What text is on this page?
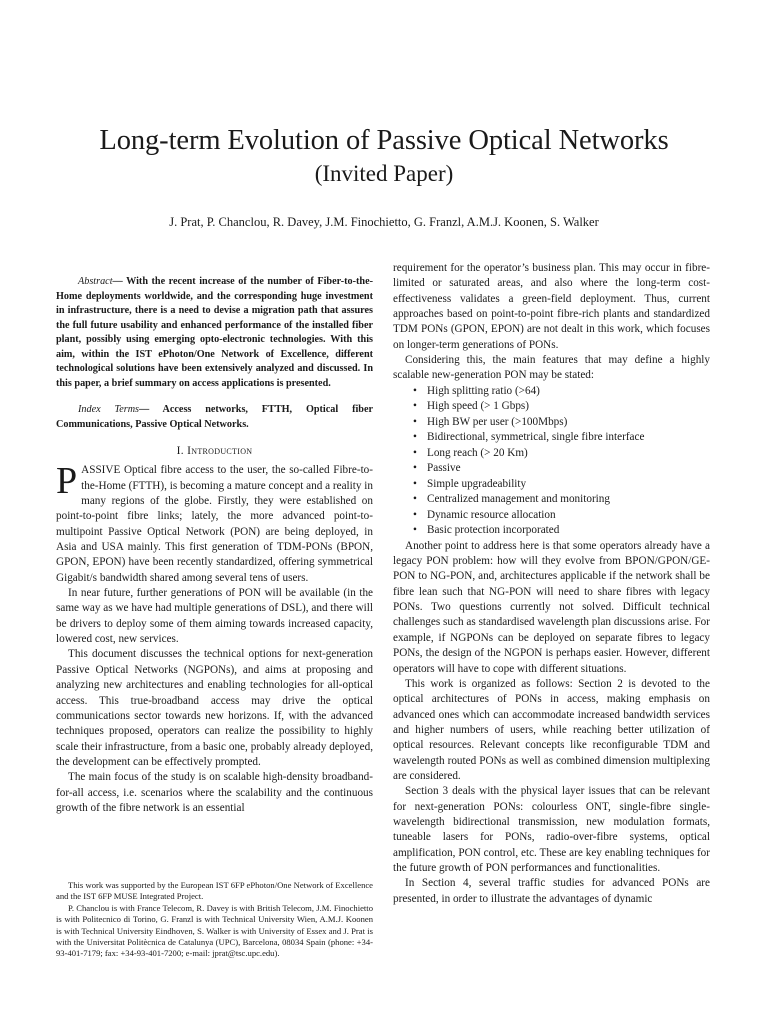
Long-term Evolution of Passive Optical Networks
(Invited Paper)
J. Prat, P. Chanclou, R. Davey, J.M. Finochietto, G. Franzl, A.M.J. Koonen, S. Walker

Abstract— With the recent increase of the number of Fiber-to-the-Home deployments worldwide, and the corresponding huge investment in infrastructure, there is a need to devise a migration path that assures the full future usability and enhanced performance of the installed fiber plant, possibly using emerging opto-electronic technologies. With this aim, within the IST ePhoton/One Network of Excellence, different technological solutions have been extensively analyzed and discussed. In this paper, a brief summary on access applications is presented.

Index Terms— Access networks, FTTH, Optical fiber Communications, Passive Optical Networks.

I. Introduction

PASSIVE Optical fibre access to the user, the so-called Fibre-to-the-Home (FTTH), is becoming a mature concept and a reality in many regions of the globe. Firstly, they were established on point-to-point fibre links; lately, the more advanced point-to-multipoint Passive Optical Network (PON) are being deployed, in Asia and USA mainly. This first generation of TDM-PONs (BPON, GPON, EPON) have been recently standardized, offering symmetrical Gigabit/s bandwidth shared among several tens of users.

In near future, further generations of PON will be available (in the same way as we have had multiple generations of DSL), and there will be drivers to deploy some of them aiming towards increased capacity, lowered cost, new services.

This document discusses the technical options for next-generation Passive Optical Networks (NGPONs), and aims at proposing and analyzing new architectures and enabling technologies for all-optical access. This true-broadband access may drive the optical communications sector towards new horizons. If, with the advanced techniques proposed, operators can realize the possibility to highly scale their infrastructure, from a basic one, probably already deployed, the development can be effectively prompted.

The main focus of the study is on scalable high-density broadband-for-all access, i.e. scenarios where the scalability and the continuous growth of the fibre network is an essential

This work was supported by the European IST 6FP ePhoton/One Network of Excellence and the IST 6FP MUSE Integrated Project.

P. Chanclou is with France Telecom, R. Davey is with British Telecom, J.M. Finochietto is with Politecnico di Torino, G. Franzl is with Technical University Wien, A.M.J. Koonen is with Technical University Eindhoven, S. Walker is with University of Essex and J. Prat is with the Universitat Politècnica de Catalunya (UPC), Barcelona, 08034 Spain (phone: +34-93-401-7179; fax: +34-93-401-7200; e-mail: jprat@tsc.upc.edu).

requirement for the operator’s business plan. This may occur in fibre-limited or saturated areas, and also where the long-term cost-effectiveness validates a green-field deployment. Thus, current approaches based on point-to-point fibre-rich plants and standardized TDM PONs (GPON, EPON) are not dealt in this work, which focuses on longer-term generations of PONs.

Considering this, the main features that may define a highly scalable new-generation PON may be stated:

• High splitting ratio (>64)
• High speed (> 1 Gbps)
• High BW per user (>100Mbps)
• Bidirectional, symmetrical, single fibre interface
• Long reach (> 20 Km)
• Passive
• Simple upgradeability
• Centralized management and monitoring
• Dynamic resource allocation
• Basic protection incorporated

Another point to address here is that some operators already have a legacy PON problem: how will they evolve from BPON/GPON/GE-PON to NG-PON, and, architectures applicable if the network shall be fibre lean such that NG-PON will need to share fibres with legacy PONs. Two questions currently not solved. Difficult technical challenges such as standardised wavelength plan discussions arise. For example, if NGPONs can be deployed on separate fibres to legacy PONs, the design of the NGPON is perhaps easier. However, different operators will have to cope with different situations.

This work is organized as follows: Section 2 is devoted to the optical architectures of PONs in access, making emphasis on advanced ones which can accommodate increased bandwidth services and higher numbers of users, while reaching better utilization of optical resources. Relevant concepts like reconfigurable TDM and wavelength routed PONs as well as combined dimension multiplexing are considered.

Section 3 deals with the physical layer issues that can be relevant for next-generation PONs: colourless ONT, single-fibre single-wavelength bidirectional transmission, new modulation formats, tuneable lasers for PONs, radio-over-fibre systems, optical amplification, PON control, etc. These are key enabling techniques for the future growth of PON performances and functionalities.

In Section 4, several traffic studies for advanced PONs are presented, in order to illustrate the advantages of dynamic
